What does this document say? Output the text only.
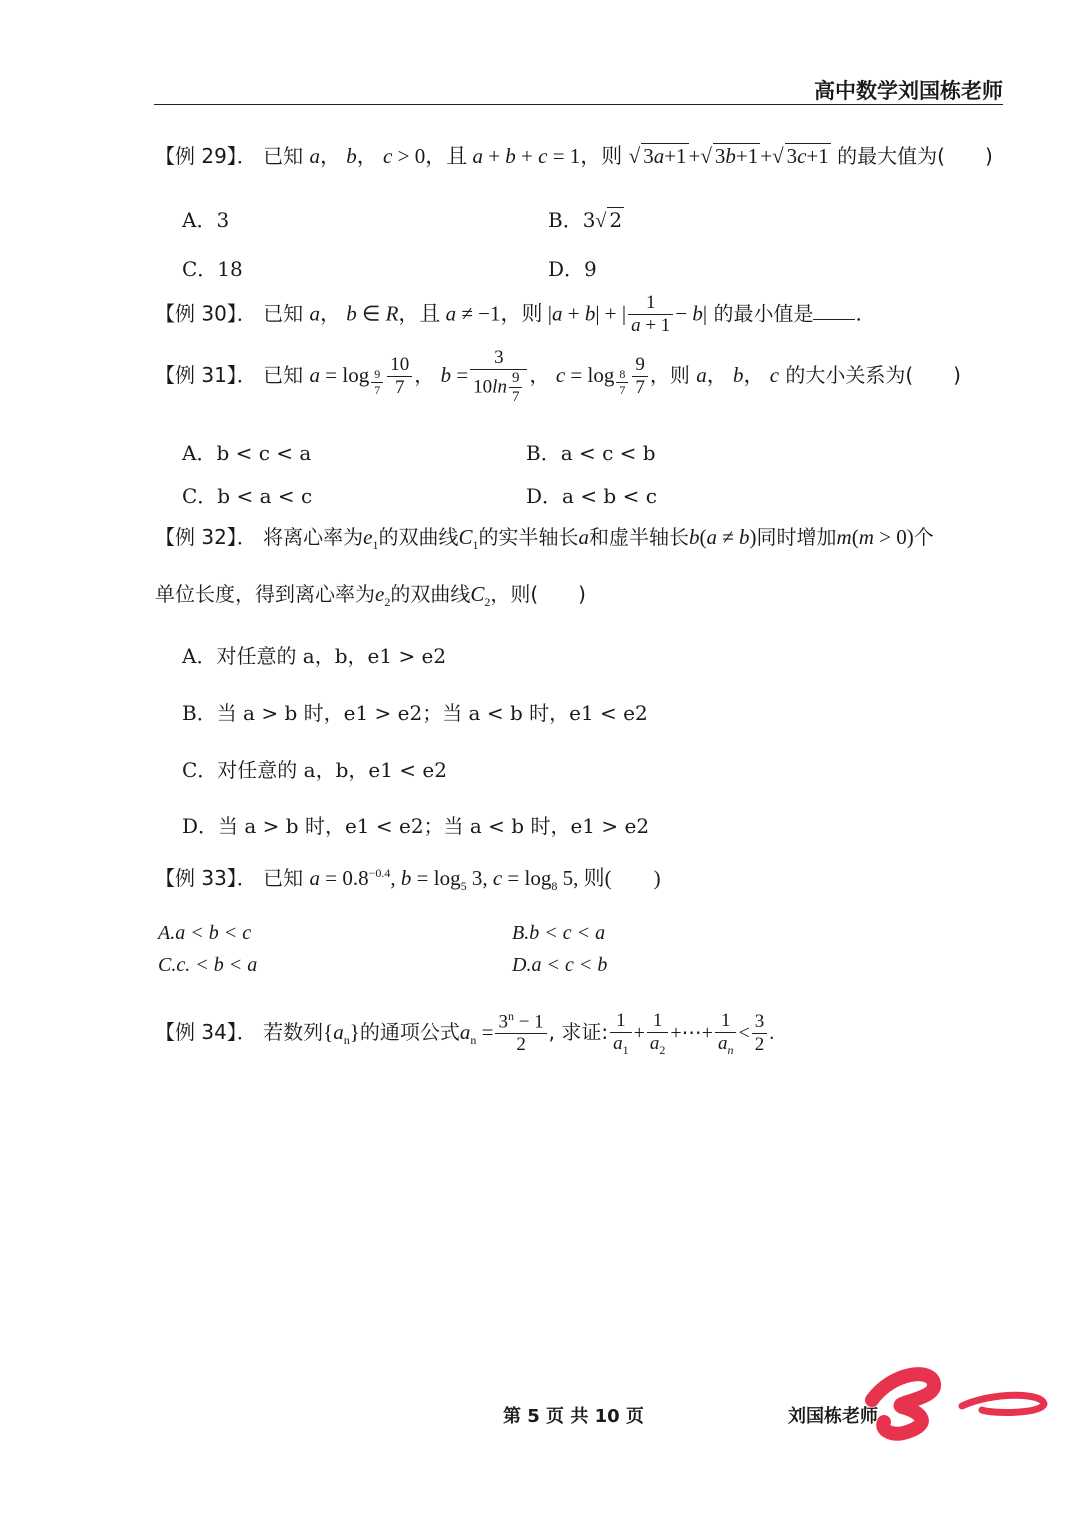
高中数学刘国栋老师
【例 29】． 已知 a， b， c > 0，且 a + b + c = 1，则 √ 3a+1+√ 3b+1+√ 3c+1 的最大值为(　　)
A．3	B．3√ 2
C．18	D．9
【例 30】． 已知 a， b ∈ R，且 a ≠ −1，则 |a + b| + | $\frac{1}{a + 1} - b|$ 的最小值是 .
【例 31】． 已知 $a = \log \frac{9}{7} \frac{10}{7}$ ， $b = \frac{3}{10\ln \frac{9}{7}}$ ， $c = \log \frac{8}{7} \frac{9}{7}$ ，则 a， b， c 的大小关系为(　　)
A．b < c < a	B．a < c < b
C．b < a < c	D．a < b < c
【例 32】． 将离心率为$e_1$的双曲线$C_1$的实半轴长a和虚半轴长b(a ≠ b)同时增加m(m > 0)个
单位长度，得到离心率为$e_2$的双曲线$C_2$，则(　　)
A．对任意的 a，b，e1 > e2
B．当 a > b 时，e1 > e2；当 a < b 时，e1 < e2
C．对任意的 a，b，e1 < e2
D．当 a > b 时，e1 < e2；当 a < b 时，e1 > e2
【例 33】． 已知 $a = 0.8^{-0.4}$, $b = \log_5 3$, $c = \log_8 5$, 则(　　)
A.a < b < c	B.b < c < a
C.c. < b < a	D.a < c < b
【例 34】． 若数列$\{a_n\}$的通项公式$a_n = \frac{3^n - 1}{2}$ , 求证: $\frac{1}{a_1} + \frac{1}{a_2}$ +⋯+ $\frac{1}{a_n} < \frac{3}{2}$ .
第 5 页 共 10 页	刘国栋老师
